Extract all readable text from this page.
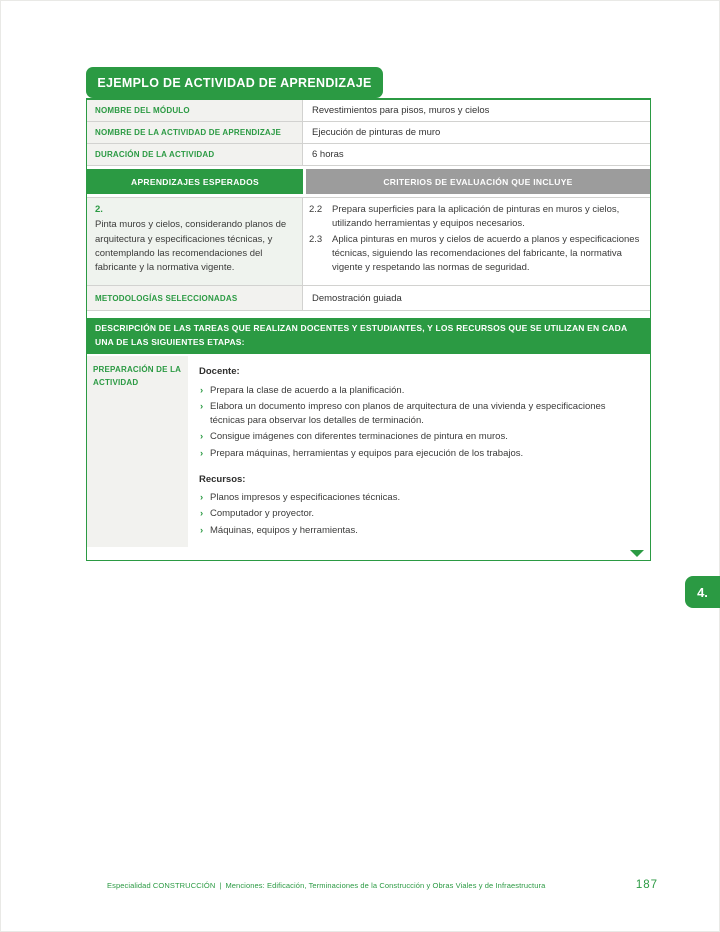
EJEMPLO DE ACTIVIDAD DE APRENDIZAJE
NOMBRE DEL MÓDULO	Revestimientos para pisos, muros y cielos
NOMBRE DE LA ACTIVIDAD DE APRENDIZAJE	Ejecución de pinturas de muro
DURACIÓN DE LA ACTIVIDAD	6 horas
APRENDIZAJES ESPERADOS	CRITERIOS DE EVALUACIÓN QUE INCLUYE
2.
Pinta muros y cielos, considerando planos de arquitectura y especificaciones técnicas, y contemplando las recomendaciones del fabricante y la normativa vigente.
2.2	Prepara superficies para la aplicación de pinturas en muros y cielos, utilizando herramientas y equipos necesarios.
2.3	Aplica pinturas en muros y cielos de acuerdo a planos y especificaciones técnicas, siguiendo las recomendaciones del fabricante, la normativa vigente y respetando las normas de seguridad.
METODOLOGÍAS SELECCIONADAS	Demostración guiada
DESCRIPCIÓN DE LAS TAREAS QUE REALIZAN DOCENTES Y ESTUDIANTES, Y LOS RECURSOS QUE SE UTILIZAN EN CADA UNA DE LAS SIGUIENTES ETAPAS:
PREPARACIÓN DE LA ACTIVIDAD
Docente:
› Prepara la clase de acuerdo a la planificación.
› Elabora un documento impreso con planos de arquitectura de una vivienda y especificaciones técnicas para observar los detalles de terminación.
› Consigue imágenes con diferentes terminaciones de pintura en muros.
› Prepara máquinas, herramientas y equipos para ejecución de los trabajos.
Recursos:
› Planos impresos y especificaciones técnicas.
› Computador y proyector.
› Máquinas, equipos y herramientas.
4.
Especialidad CONSTRUCCIÓN | Menciones: Edificación, Terminaciones de la Construcción y Obras Viales y de Infraestructura	187
